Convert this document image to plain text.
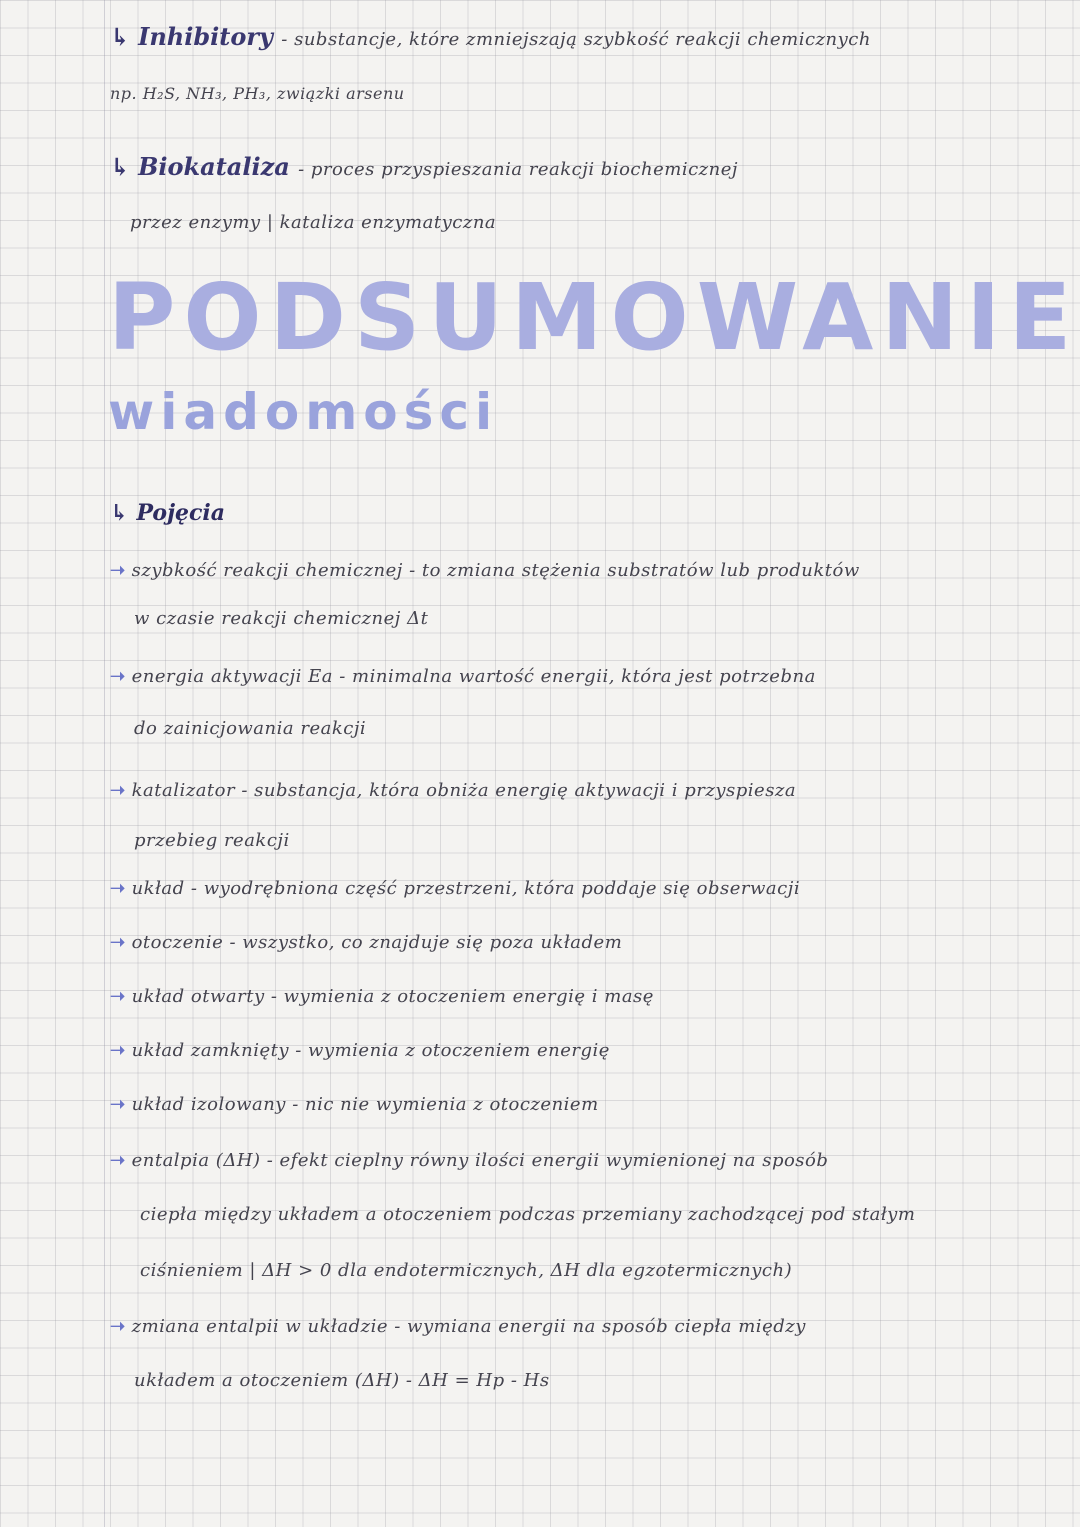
↳ Inhibitory - substancje, które zmniejszają szybkość reakcji chemicznych
np. H₂S, NH₃, PH₃, związki arsenu
↳ Biokataliza - proces przyspieszania reakcji biochemicznej
przez enzymy | kataliza enzymatyczna
PODSUMOWANIE
wiadomości
↳ Pojęcia
➝ szybkość reakcji chemicznej - to zmiana stężenia substratów lub produktów
w czasie reakcji chemicznej Δt
➝ energia aktywacji Ea - minimalna wartość energii, która jest potrzebna
do zainicjowania reakcji
➝ katalizator - substancja, która obniża energię aktywacji i przyspiesza
przebieg reakcji
➝ układ - wyodrębniona część przestrzeni, która poddaje się obserwacji
➝ otoczenie - wszystko, co znajduje się poza układem
➝ układ otwarty - wymienia z otoczeniem energię i masę
➝ układ zamknięty - wymienia z otoczeniem energię
➝ układ izolowany - nic nie wymienia z otoczeniem
➝ entalpia (ΔH) - efekt cieplny równy ilości energii wymienionej na sposób
ciepła między układem a otoczeniem podczas przemiany zachodzącej pod stałym
ciśnieniem | ΔH > 0 dla endotermicznych, ΔH dla egzotermicznych)
➝ zmiana entalpii w układzie - wymiana energii na sposób ciepła między
układem a otoczeniem (ΔH) - ΔH = Hp - Hs
